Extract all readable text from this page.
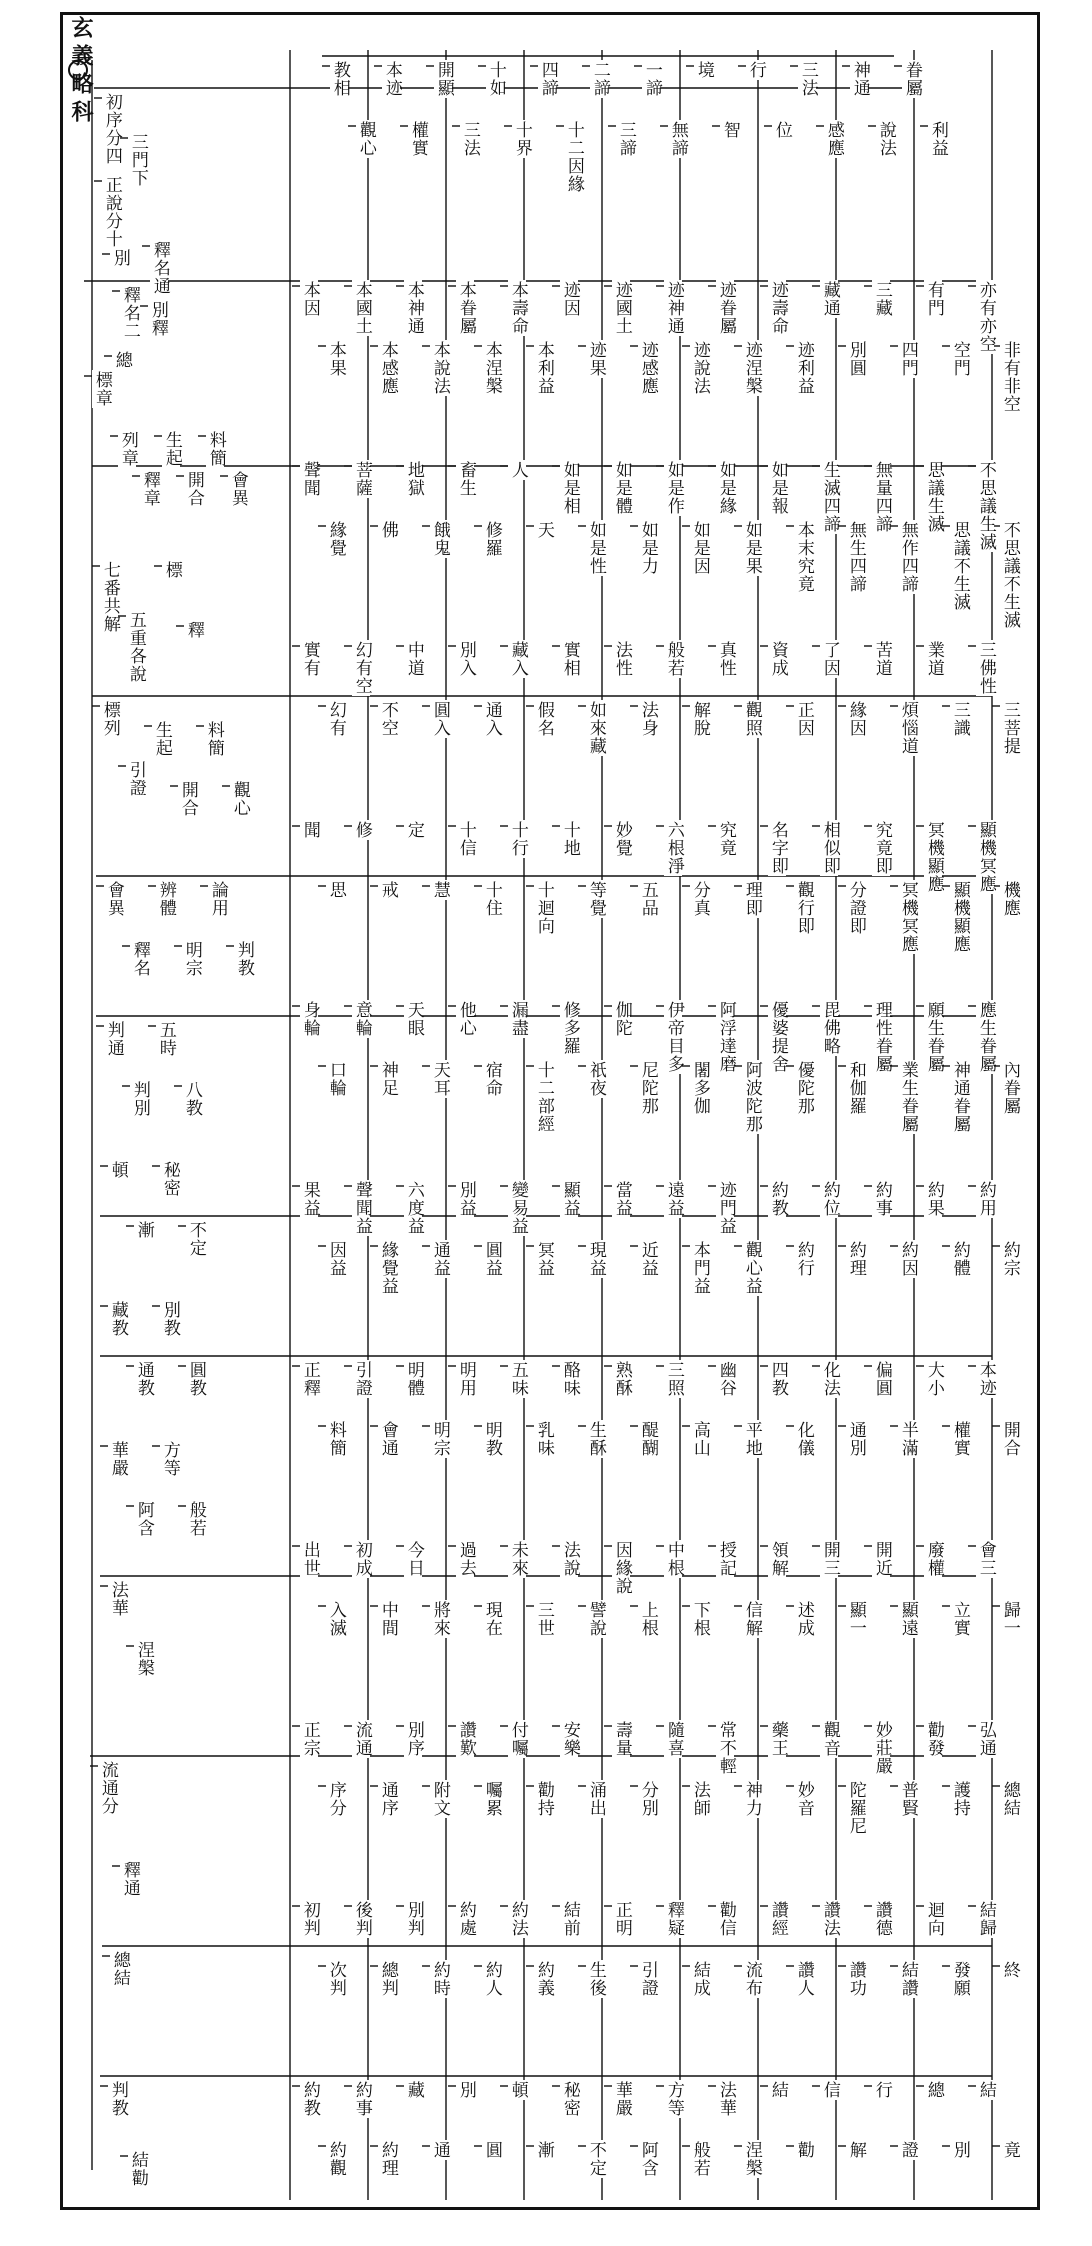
玄義略科
初序分四
正說分十
三門下
別
釋名二
釋名通
別釋
總
標章
列章
釋章
生起
開合
料簡
會異
七番共解
五重各說
標
釋
標列
引證
生起
開合
料簡
觀心
會異
釋名
辨體
明宗
論用
判教
判通
判別
五時
八教
頓
漸
秘密
不定
藏教
通教
別教
圓教
華嚴
阿含
方等
般若
法華
涅槃
流通分
釋通
總結
判教
結勸
教相
觀心
本迹
權實
開顯
三法
十如
十界
四諦
十二因緣
二諦
三諦
一諦
無諦
境
智
行
位
三法
感應
神通
說法
眷屬
利益
本因
本果
本國土
本感應
本神通
本說法
本眷屬
本涅槃
本壽命
本利益
迹因
迹果
迹國土
迹感應
迹神通
迹說法
迹眷屬
迹涅槃
迹壽命
迹利益
藏通
別圓
三藏
四門
有門
空門
亦有亦空
非有非空
聲聞
緣覺
菩薩
佛
地獄
餓鬼
畜生
修羅
人
天
如是相
如是性
如是體
如是力
如是作
如是因
如是緣
如是果
如是報
本末究竟
生滅四諦
無生四諦
無量四諦
無作四諦
思議生滅
思議不生滅
不思議生滅
不思議不生滅
實有
幻有
幻有空
不空
中道
圓入
別入
通入
藏入
假名
實相
如來藏
法性
法身
般若
解脫
真性
觀照
資成
正因
了因
緣因
苦道
煩惱道
業道
三識
三佛性
三菩提
聞
思
修
戒
定
慧
十信
十住
十行
十迴向
十地
等覺
妙覺
五品
六根淨
分真
究竟
理即
名字即
觀行即
相似即
分證即
究竟即
冥機冥應
冥機顯應
顯機顯應
顯機冥應
機應
身輪
口輪
意輪
神足
天眼
天耳
他心
宿命
漏盡
十二部經
修多羅
祇夜
伽陀
尼陀那
伊帝目多
闍多伽
阿浮達磨
阿波陀那
優婆提舍
優陀那
毘佛略
和伽羅
理性眷屬
業生眷屬
願生眷屬
神通眷屬
應生眷屬
內眷屬
果益
因益
聲聞益
緣覺益
六度益
通益
別益
圓益
變易益
冥益
顯益
現益
當益
近益
遠益
本門益
迹門益
觀心益
約教
約行
約位
約理
約事
約因
約果
約體
約用
約宗
正釋
料簡
引證
會通
明體
明宗
明用
明教
五味
乳味
酪味
生酥
熟酥
醍醐
三照
高山
幽谷
平地
四教
化儀
化法
通別
偏圓
半滿
大小
權實
本迹
開合
出世
入滅
初成
中間
今日
將來
過去
現在
未來
三世
法說
譬說
因緣說
上根
中根
下根
授記
信解
領解
述成
開三
顯一
開近
顯遠
廢權
立實
會三
歸一
正宗
序分
流通
通序
別序
附文
讚歎
囑累
付囑
勸持
安樂
涌出
壽量
分別
隨喜
法師
常不輕
神力
藥王
妙音
觀音
陀羅尼
妙莊嚴
普賢
勸發
護持
弘通
總結
初判
次判
後判
總判
別判
約時
約處
約人
約法
約義
結前
生後
正明
引證
釋疑
結成
勸信
流布
讚經
讚人
讚法
讚功
讚德
結讚
迴向
發願
結歸
終
約教
約觀
約事
約理
藏
通
別
圓
頓
漸
秘密
不定
華嚴
阿含
方等
般若
法華
涅槃
結
勸
信
解
行
證
總
別
結
竟
